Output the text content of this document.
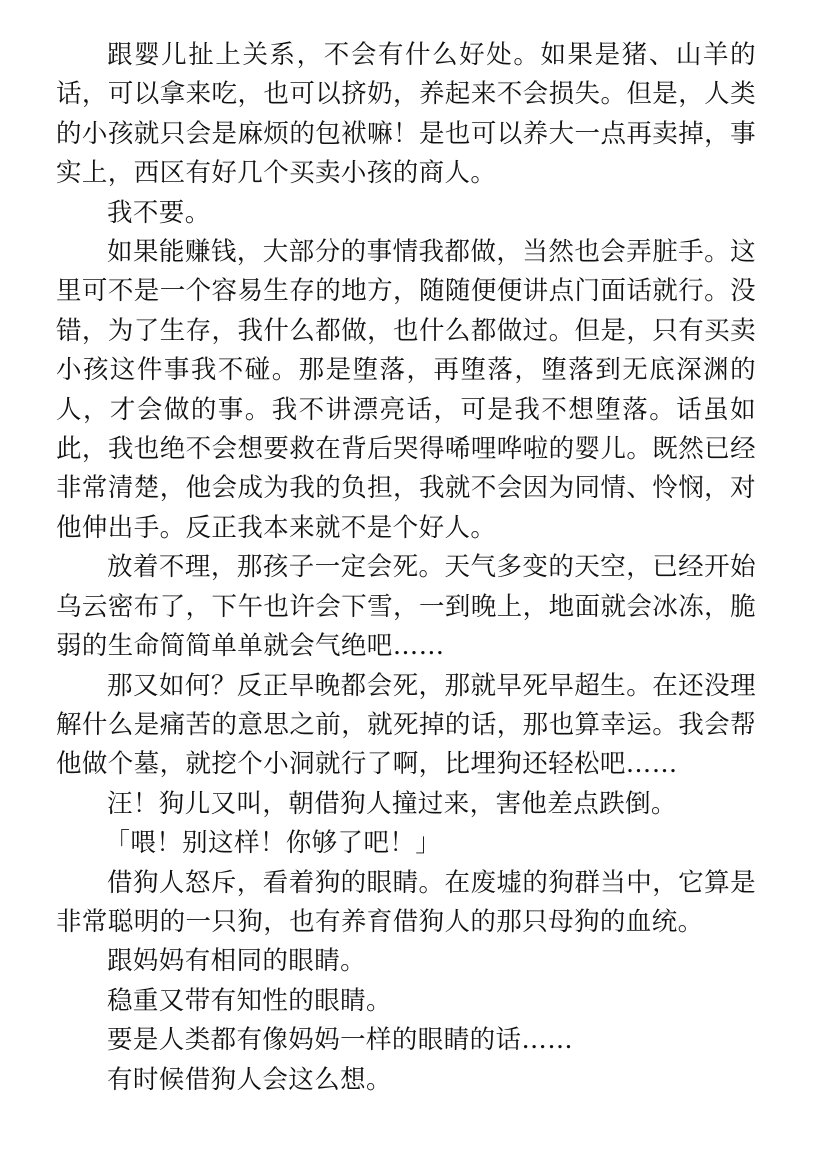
跟婴儿扯上关系，不会有什么好处。如果是猪、山羊的话，可以拿来吃，也可以挤奶，养起来不会损失。但是，人类的小孩就只会是麻烦的包袱嘛！是也可以养大一点再卖掉，事实上，西区有好几个买卖小孩的商人。

我不要。

如果能赚钱，大部分的事情我都做，当然也会弄脏手。这里可不是一个容易生存的地方，随随便便讲点门面话就行。没错，为了生存，我什么都做，也什么都做过。但是，只有买卖小孩这件事我不碰。那是堕落，再堕落，堕落到无底深渊的人，才会做的事。我不讲漂亮话，可是我不想堕落。话虽如此，我也绝不会想要救在背后哭得唏哩哗啦的婴儿。既然已经非常清楚，他会成为我的负担，我就不会因为同情、怜悯，对他伸出手。反正我本来就不是个好人。

放着不理，那孩子一定会死。天气多变的天空，已经开始乌云密布了，下午也许会下雪，一到晚上，地面就会冰冻，脆弱的生命简简单单就会气绝吧……

那又如何？反正早晚都会死，那就早死早超生。在还没理解什么是痛苦的意思之前，就死掉的话，那也算幸运。我会帮他做个墓，就挖个小洞就行了啊，比埋狗还轻松吧……

汪！狗儿又叫，朝借狗人撞过来，害他差点跌倒。

「喂！别这样！你够了吧！」

借狗人怒斥，看着狗的眼睛。在废墟的狗群当中，它算是非常聪明的一只狗，也有养育借狗人的那只母狗的血统。

跟妈妈有相同的眼睛。

稳重又带有知性的眼睛。

要是人类都有像妈妈一样的眼睛的话……

有时候借狗人会这么想。
